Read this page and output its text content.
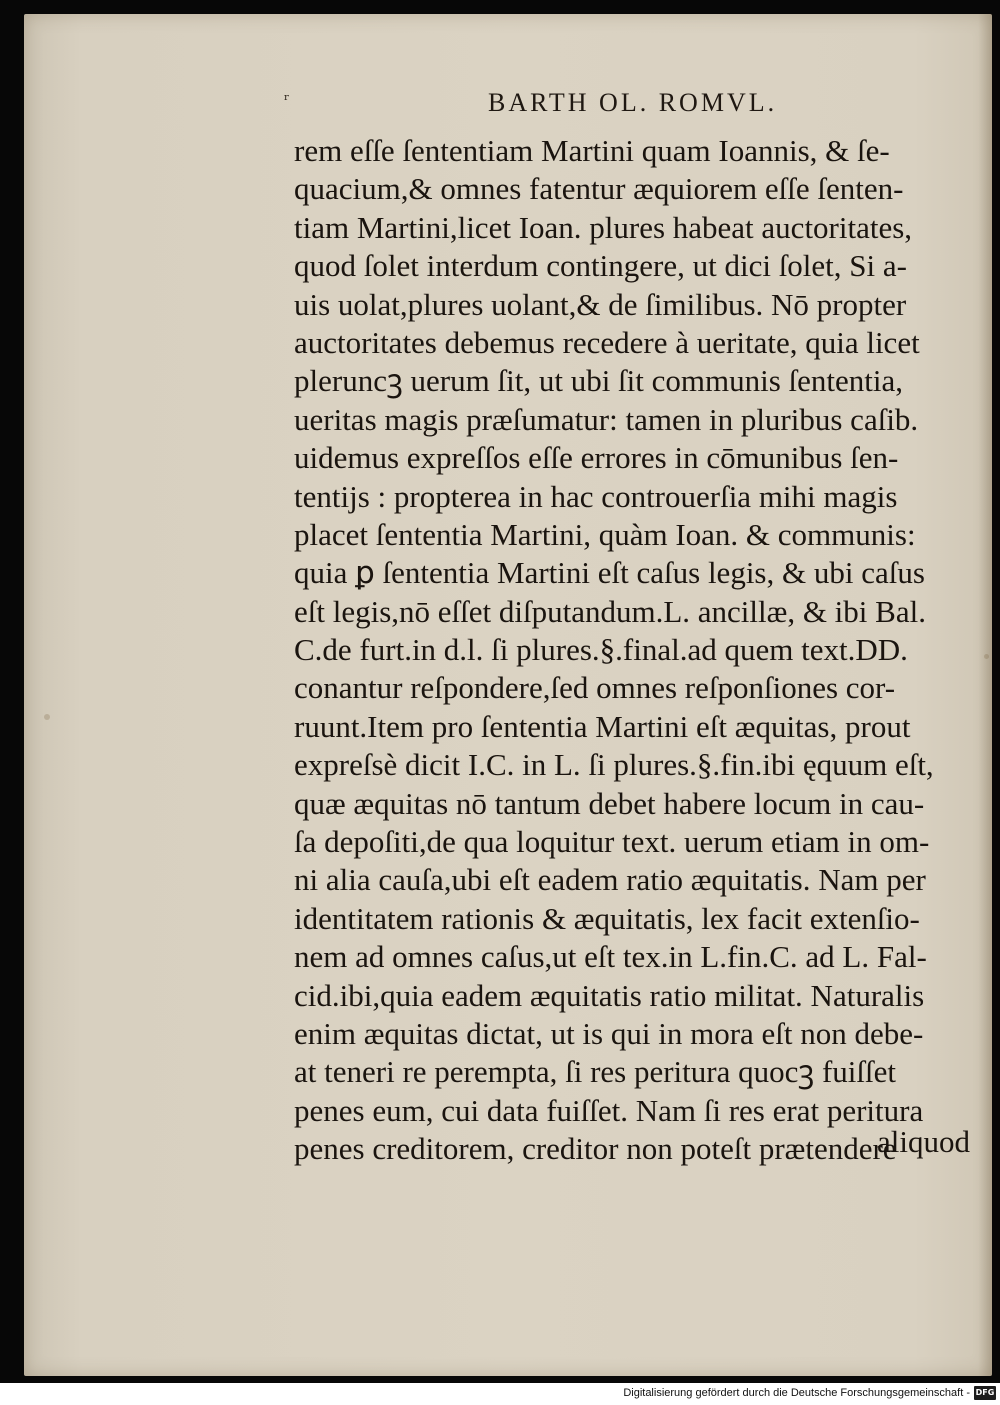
ʳ	BARTH OL. ROMVL.
rem eſſe ſententiam Martini quam Ioannis, & ſe-
quacium,& omnes fatentur æquiorem eſſe ſenten-
tiam Martini,licet Ioan. plures habeat auctoritates,
quod ſolet interdum contingere, ut dici ſolet, Si a-
uis uolat,plures uolant,& de ſimilibus. Nō propter
auctoritates debemus recedere à ueritate, quia licet
pleruncꝫ uerum ſit, ut ubi ſit communis ſententia,
ueritas magis præſumatur: tamen in pluribus caſib.
uidemus expreſſos eſſe errores in cōmunibus ſen-
tentijs : propterea in hac controuerſia mihi magis
placet ſententia Martini, quàm Ioan. & communis:
quia ꝑ ſententia Martini eſt caſus legis, & ubi caſus
eſt legis,nō eſſet diſputandum.L. ancillæ, & ibi Bal.
C.de furt.in d.l. ſi plures.§.final.ad quem text.DD.
conantur reſpondere,ſed omnes reſponſiones cor-
ruunt.Item pro ſententia Martini eſt æquitas, prout
expreſsè dicit I.C. in L. ſi plures.§.fin.ibi ęquum eſt,
quæ æquitas nō tantum debet habere locum in cau-
ſa depoſiti,de qua loquitur text. uerum etiam in om-
ni alia cauſa,ubi eſt eadem ratio æquitatis. Nam per
identitatem rationis & æquitatis, lex facit extenſio-
nem ad omnes caſus,ut eſt tex.in L.fin.C. ad L. Fal-
cid.ibi,quia eadem æquitatis ratio militat. Naturalis
enim æquitas dictat, ut is qui in mora eſt non debe-
at teneri re perempta, ſi res peritura quocꝫ fuiſſet
penes eum, cui data fuiſſet. Nam ſi res erat peritura
penes creditorem, creditor non poteſt prætendere
aliquod
Digitalisierung gefördert durch die Deutsche Forschungsgemeinschaft - DFG
